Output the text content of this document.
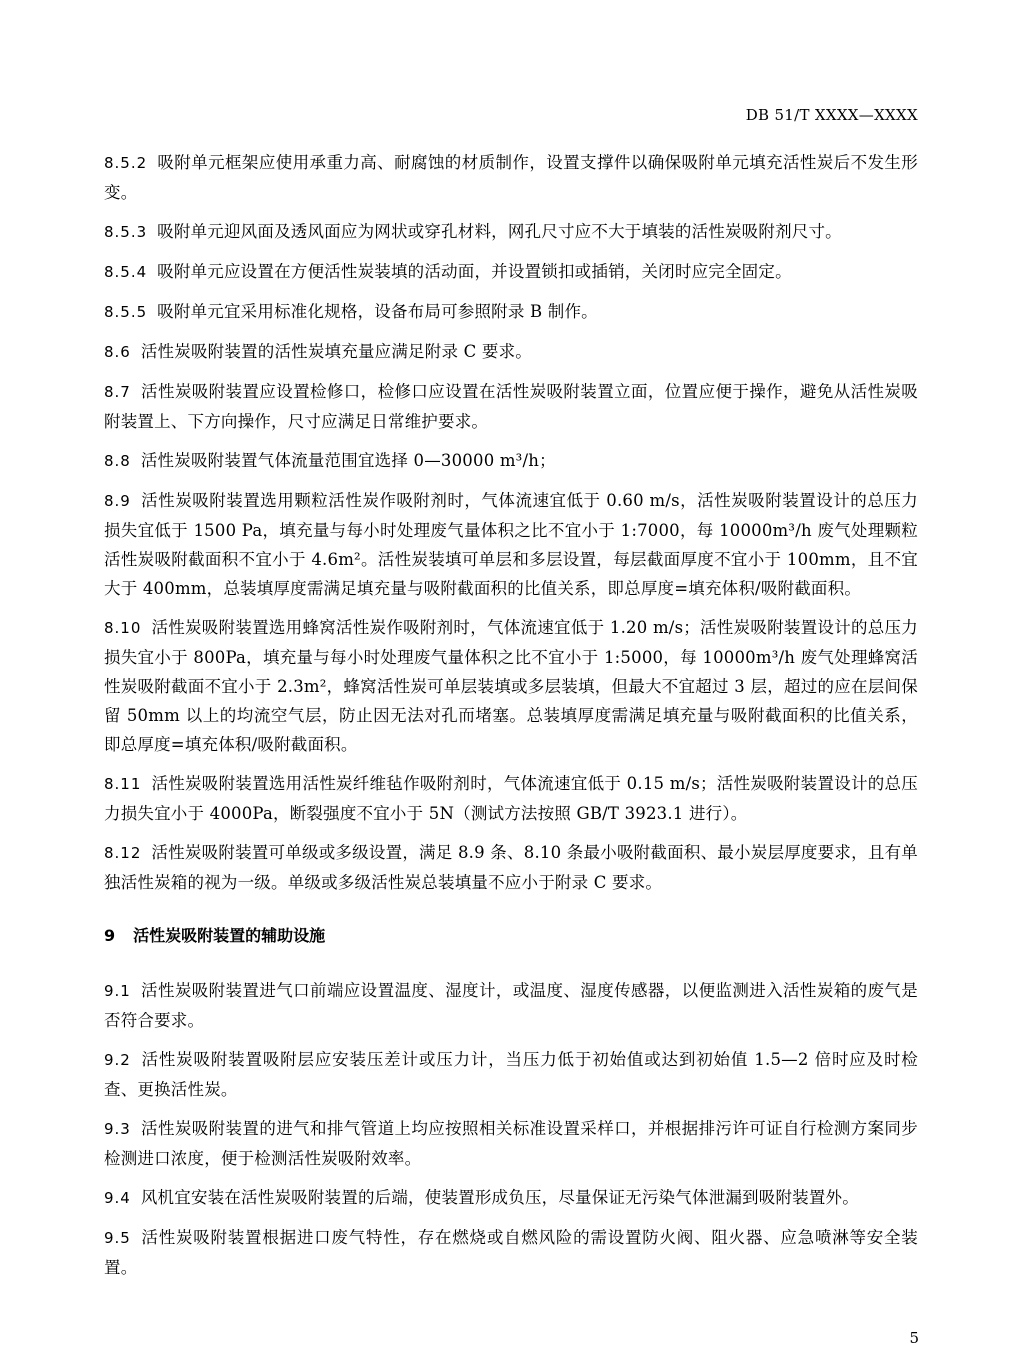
DB 51/T XXXX—XXXX

8.5.2 吸附单元框架应使用承重力高、耐腐蚀的材质制作，设置支撑件以确保吸附单元填充活性炭后不发生形变。

8.5.3 吸附单元迎风面及透风面应为网状或穿孔材料，网孔尺寸应不大于填装的活性炭吸附剂尺寸。

8.5.4 吸附单元应设置在方便活性炭装填的活动面，并设置锁扣或插销，关闭时应完全固定。

8.5.5 吸附单元宜采用标准化规格，设备布局可参照附录 B 制作。

8.6 活性炭吸附装置的活性炭填充量应满足附录 C 要求。

8.7 活性炭吸附装置应设置检修口，检修口应设置在活性炭吸附装置立面，位置应便于操作，避免从活性炭吸附装置上、下方向操作，尺寸应满足日常维护要求。

8.8 活性炭吸附装置气体流量范围宜选择 0—30000 m³/h；

8.9 活性炭吸附装置选用颗粒活性炭作吸附剂时，气体流速宜低于 0.60 m/s，活性炭吸附装置设计的总压力损失宜低于 1500 Pa，填充量与每小时处理废气量体积之比不宜小于 1:7000，每 10000m³/h 废气处理颗粒活性炭吸附截面积不宜小于 4.6m²。活性炭装填可单层和多层设置，每层截面厚度不宜小于 100mm，且不宜大于 400mm，总装填厚度需满足填充量与吸附截面积的比值关系，即总厚度=填充体积/吸附截面积。

8.10 活性炭吸附装置选用蜂窝活性炭作吸附剂时，气体流速宜低于 1.20 m/s；活性炭吸附装置设计的总压力损失宜小于 800Pa，填充量与每小时处理废气量体积之比不宜小于 1:5000，每 10000m³/h 废气处理蜂窝活性炭吸附截面不宜小于 2.3m²，蜂窝活性炭可单层装填或多层装填，但最大不宜超过 3 层，超过的应在层间保留 50mm 以上的均流空气层，防止因无法对孔而堵塞。总装填厚度需满足填充量与吸附截面积的比值关系，即总厚度=填充体积/吸附截面积。

8.11 活性炭吸附装置选用活性炭纤维毡作吸附剂时，气体流速宜低于 0.15 m/s；活性炭吸附装置设计的总压力损失宜小于 4000Pa，断裂强度不宜小于 5N（测试方法按照 GB/T 3923.1 进行）。

8.12 活性炭吸附装置可单级或多级设置，满足 8.9 条、8.10 条最小吸附截面积、最小炭层厚度要求，且有单独活性炭箱的视为一级。单级或多级活性炭总装填量不应小于附录 C 要求。

9 活性炭吸附装置的辅助设施

9.1 活性炭吸附装置进气口前端应设置温度、湿度计，或温度、湿度传感器，以便监测进入活性炭箱的废气是否符合要求。

9.2 活性炭吸附装置吸附层应安装压差计或压力计，当压力低于初始值或达到初始值 1.5—2 倍时应及时检查、更换活性炭。

9.3 活性炭吸附装置的进气和排气管道上均应按照相关标准设置采样口，并根据排污许可证自行检测方案同步检测进口浓度，便于检测活性炭吸附效率。

9.4 风机宜安装在活性炭吸附装置的后端，使装置形成负压，尽量保证无污染气体泄漏到吸附装置外。

9.5 活性炭吸附装置根据进口废气特性，存在燃烧或自燃风险的需设置防火阀、阻火器、应急喷淋等安全装置。

5
